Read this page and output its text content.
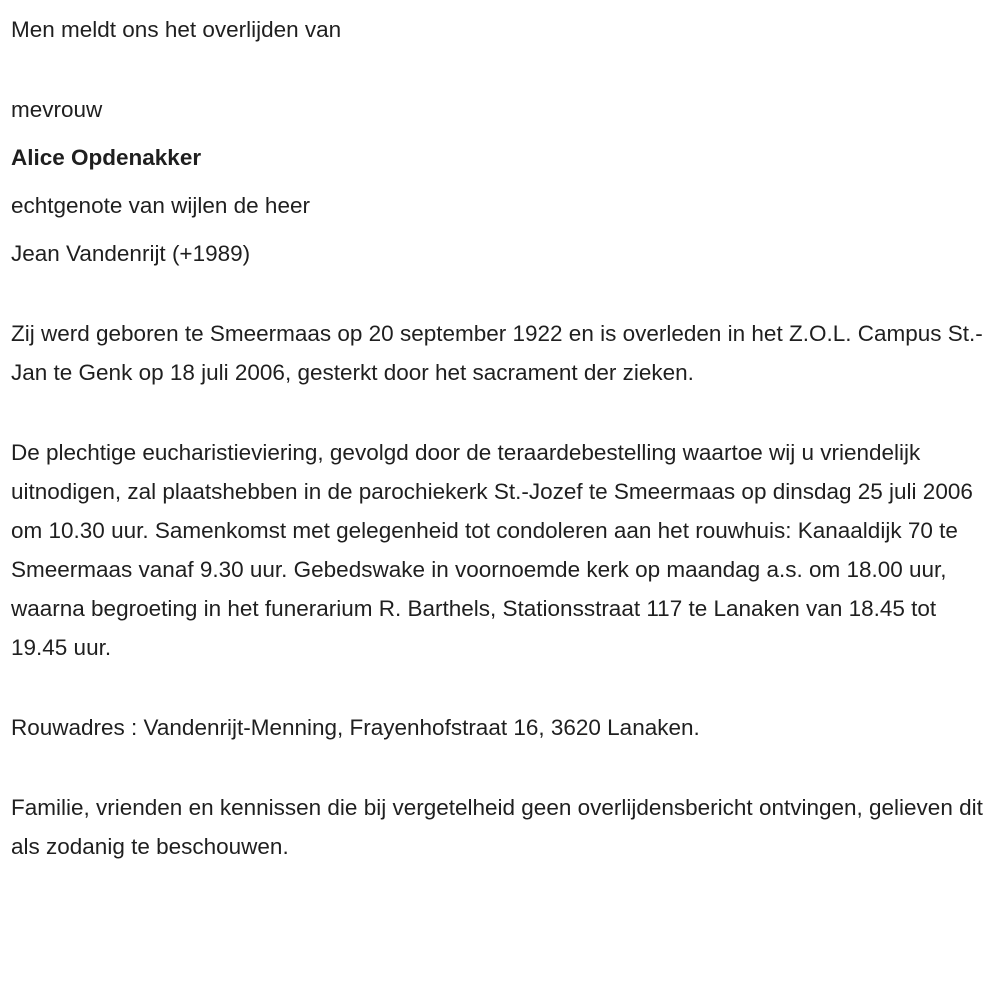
Men meldt ons het overlijden van

mevrouw

Alice Opdenakker

echtgenote van wijlen de heer

Jean Vandenrijt (+1989)

Zij werd geboren te Smeermaas op 20 september 1922 en is overleden in het Z.O.L. Campus St.-Jan te Genk op 18 juli 2006, gesterkt door het sacrament der zieken.

De plechtige eucharistieviering, gevolgd door de teraardebestelling waartoe wij u vriendelijk uitnodigen, zal plaatshebben in de parochiekerk St.-Jozef te Smeermaas op dinsdag 25 juli 2006 om 10.30 uur. Samenkomst met gelegenheid tot condoleren aan het rouwhuis: Kanaaldijk 70 te Smeermaas vanaf 9.30 uur. Gebedswake in voornoemde kerk op maandag a.s. om 18.00 uur, waarna begroeting in het funerarium R. Barthels, Stationsstraat 117 te Lanaken van 18.45 tot 19.45 uur.

Rouwadres : Vandenrijt-Menning, Frayenhofstraat 16, 3620 Lanaken.

Familie, vrienden en kennissen die bij vergetelheid geen overlijdensbericht ontvingen, gelieven dit als zodanig te beschouwen.
